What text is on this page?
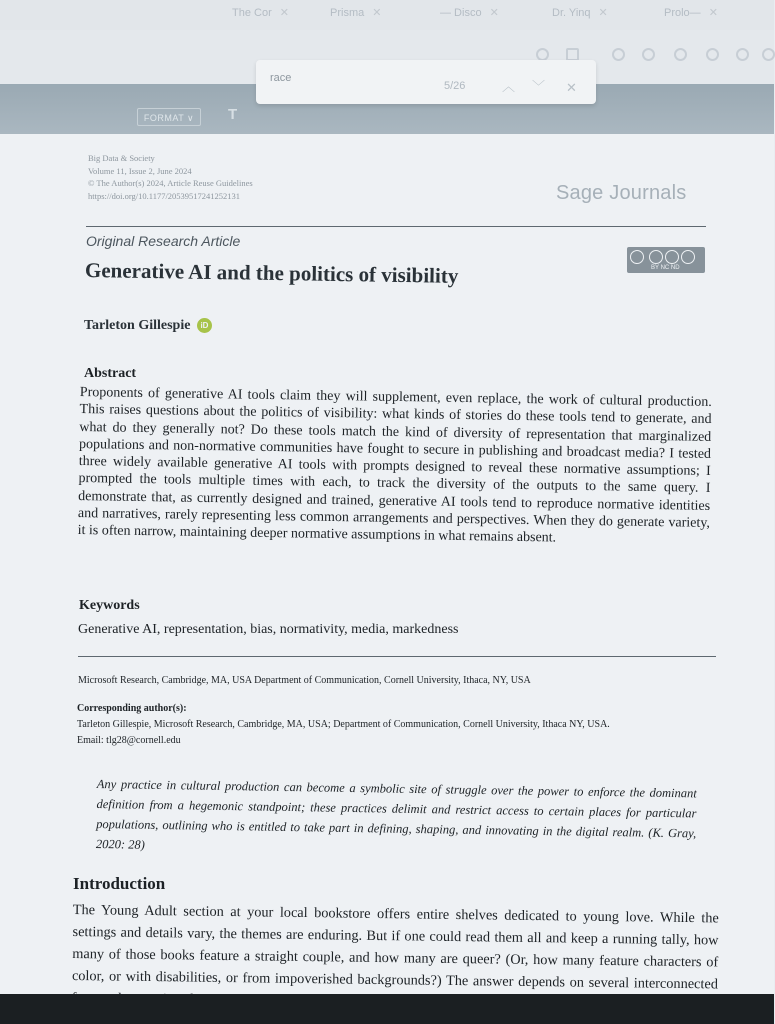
The Cor ✕	Prisma ✕	— Disco ✕	Dr. Yinq ✕	Prolo— ✕
FORMAT ∨	T
race
5/26	︿ ﹀ ✕
Big Data & Society
Volume 11, Issue 2, June 2024
© The Author(s) 2024, Article Reuse Guidelines
https://doi.org/10.1177/20539517241252131	Sage Journals
Original Research Article
BY NC ND
Generative AI and the politics of visibility
Tarleton Gillespie iD
Abstract
Proponents of generative AI tools claim they will supplement, even replace, the work of cultural production. This raises questions about the politics of visibility: what kinds of stories do these tools tend to generate, and what do they generally not? Do these tools match the kind of diversity of representation that marginalized populations and non-normative communities have fought to secure in publishing and broadcast media? I tested three widely available generative AI tools with prompts designed to reveal these normative assumptions; I prompted the tools multiple times with each, to track the diversity of the outputs to the same query. I demonstrate that, as currently designed and trained, generative AI tools tend to reproduce normative identities and narratives, rarely representing less common arrangements and perspectives. When they do generate variety, it is often narrow, maintaining deeper normative assumptions in what remains absent.
Keywords
Generative AI, representation, bias, normativity, media, markedness
Microsoft Research, Cambridge, MA, USA Department of Communication, Cornell University, Ithaca, NY, USA
Corresponding author(s):
Tarleton Gillespie, Microsoft Research, Cambridge, MA, USA; Department of Communication, Cornell University, Ithaca NY, USA.
Email: tlg28@cornell.edu
Any practice in cultural production can become a symbolic site of struggle over the power to enforce the dominant definition from a hegemonic standpoint; these practices delimit and restrict access to certain places for particular populations, outlining who is entitled to take part in defining, shaping, and innovating in the digital realm. (K. Gray, 2020: 28)
Introduction
The Young Adult section at your local bookstore offers entire shelves dedicated to young love. While the settings and details vary, the themes are enduring. But if one could read them all and keep a running tally, how many of those books feature a straight couple, and how many are queer? (Or, how many feature characters of color, or with disabilities, or from impoverished backgrounds?) The answer depends on several interconnected
